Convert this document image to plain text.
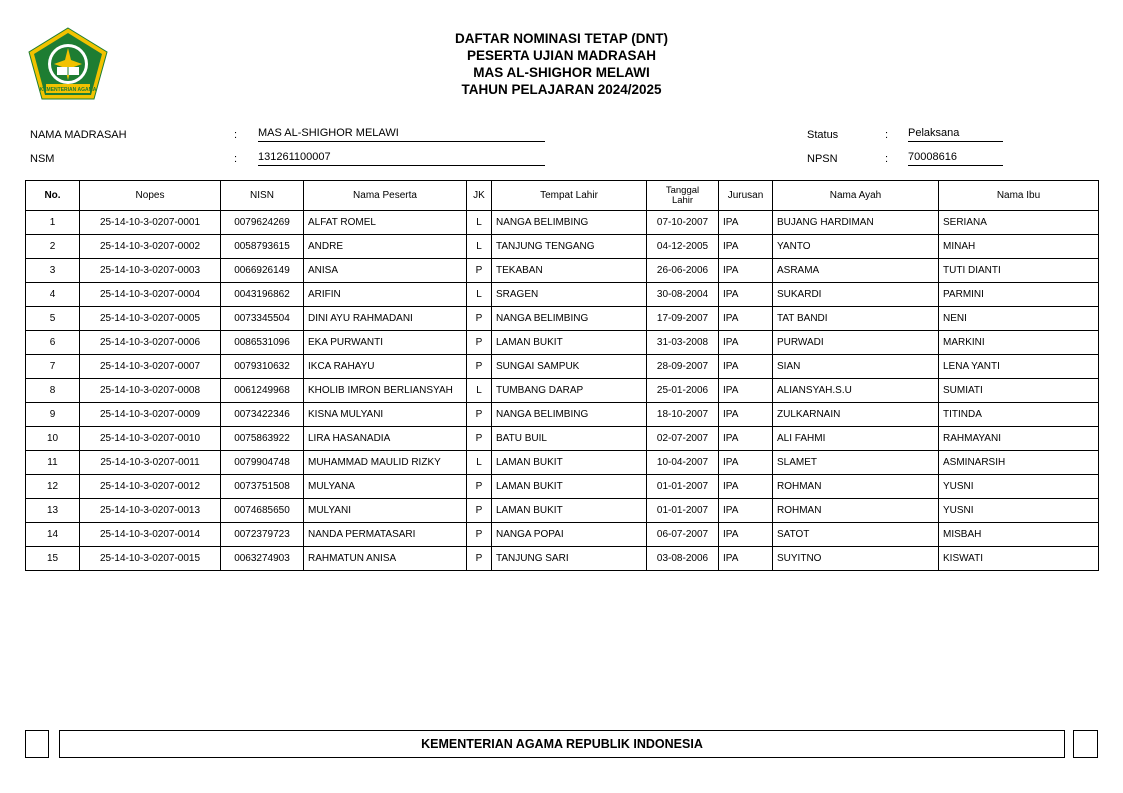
KEMENTERIAN AGAMA
DAFTAR NOMINASI TETAP (DNT)
PESERTA UJIAN MADRASAH
MAS AL-SHIGHOR MELAWI
TAHUN PELAJARAN 2024/2025
NAMA MADRASAH	: MAS AL-SHIGHOR MELAWI
NSM	: 131261100007
Status	: Pelaksana
NPSN	: 70008616
No.	Nopes	NISN	Nama Peserta	JK	Tempat Lahir	Tanggal
Lahir	Jurusan	Nama Ayah	Nama Ibu
1	25-14-10-3-0207-0001	0079624269	ALFAT ROMEL	L	NANGA BELIMBING	07-10-2007	IPA	BUJANG HARDIMAN	SERIANA
2	25-14-10-3-0207-0002	0058793615	ANDRE	L	TANJUNG TENGANG	04-12-2005	IPA	YANTO	MINAH
3	25-14-10-3-0207-0003	0066926149	ANISA	P	TEKABAN	26-06-2006	IPA	ASRAMA	TUTI DIANTI
4	25-14-10-3-0207-0004	0043196862	ARIFIN	L	SRAGEN	30-08-2004	IPA	SUKARDI	PARMINI
5	25-14-10-3-0207-0005	0073345504	DINI AYU RAHMADANI	P	NANGA BELIMBING	17-09-2007	IPA	TAT BANDI	NENI
6	25-14-10-3-0207-0006	0086531096	EKA PURWANTI	P	LAMAN BUKIT	31-03-2008	IPA	PURWADI	MARKINI
7	25-14-10-3-0207-0007	0079310632	IKCA RAHAYU	P	SUNGAI SAMPUK	28-09-2007	IPA	SIAN	LENA YANTI
8	25-14-10-3-0207-0008	0061249968	KHOLIB IMRON BERLIANSYAH	L	TUMBANG DARAP	25-01-2006	IPA	ALIANSYAH.S.U	SUMIATI
9	25-14-10-3-0207-0009	0073422346	KISNA MULYANI	P	NANGA BELIMBING	18-10-2007	IPA	ZULKARNAIN	TITINDA
10	25-14-10-3-0207-0010	0075863922	LIRA HASANADIA	P	BATU BUIL	02-07-2007	IPA	ALI FAHMI	RAHMAYANI
11	25-14-10-3-0207-0011	0079904748	MUHAMMAD MAULID RIZKY	L	LAMAN BUKIT	10-04-2007	IPA	SLAMET	ASMINARSIH
12	25-14-10-3-0207-0012	0073751508	MULYANA	P	LAMAN BUKIT	01-01-2007	IPA	ROHMAN	YUSNI
13	25-14-10-3-0207-0013	0074685650	MULYANI	P	LAMAN BUKIT	01-01-2007	IPA	ROHMAN	YUSNI
14	25-14-10-3-0207-0014	0072379723	NANDA PERMATASARI	P	NANGA POPAI	06-07-2007	IPA	SATOT	MISBAH
15	25-14-10-3-0207-0015	0063274903	RAHMATUN ANISA	P	TANJUNG SARI	03-08-2006	IPA	SUYITNO	KISWATI
KEMENTERIAN AGAMA REPUBLIK INDONESIA
